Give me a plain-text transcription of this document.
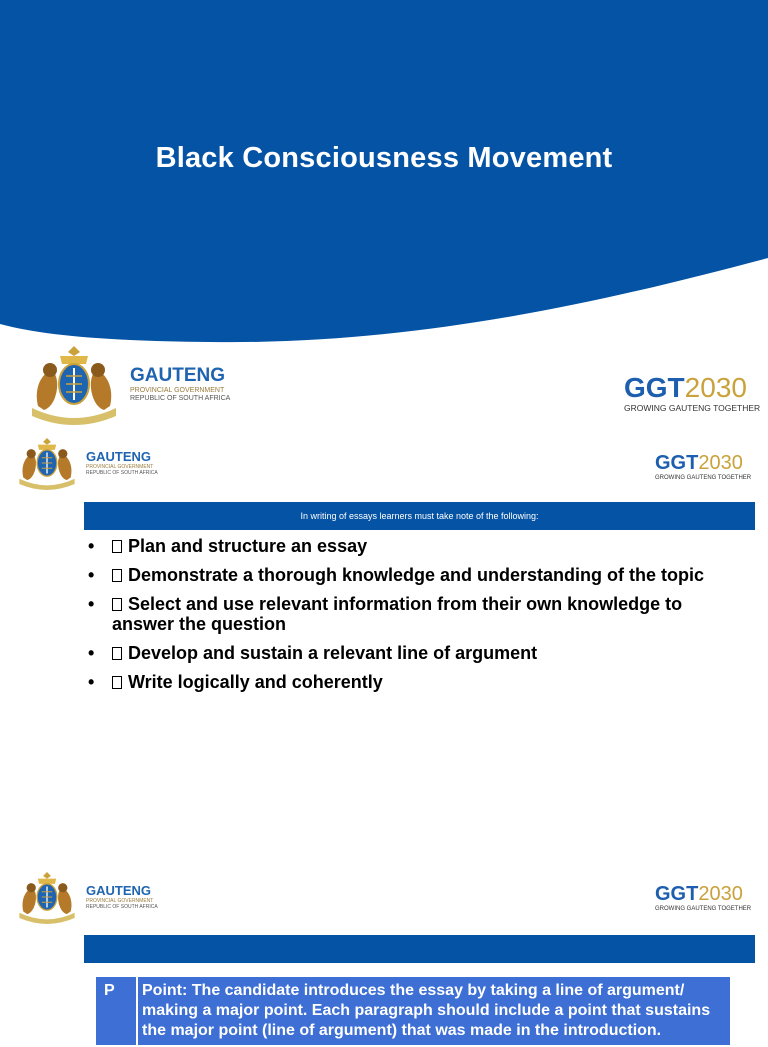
Black Consciousness Movement
GAUTENG
PROVINCIAL GOVERNMENT
REPUBLIC OF SOUTH AFRICA	GGT2030
GROWING GAUTENG TOGETHER
GAUTENG
PROVINCIAL GOVERNMENT
REPUBLIC OF SOUTH AFRICA	GGT2030
GROWING GAUTENG TOGETHER
In writing of essays learners must take note of the following:
• Plan and structure an essay
• Demonstrate a thorough knowledge and understanding of the topic
• Select and use relevant information from their own knowledge to answer the question
• Develop and sustain a relevant line of argument
• Write logically and coherently
GAUTENG
PROVINCIAL GOVERNMENT
REPUBLIC OF SOUTH AFRICA
GGT2030
GROWING GAUTENG TOGETHER
P	Point: The candidate introduces the essay by taking a line of argument/ making a major point. Each paragraph should include a point that sustains the major point (line of argument) that was made in the introduction.
